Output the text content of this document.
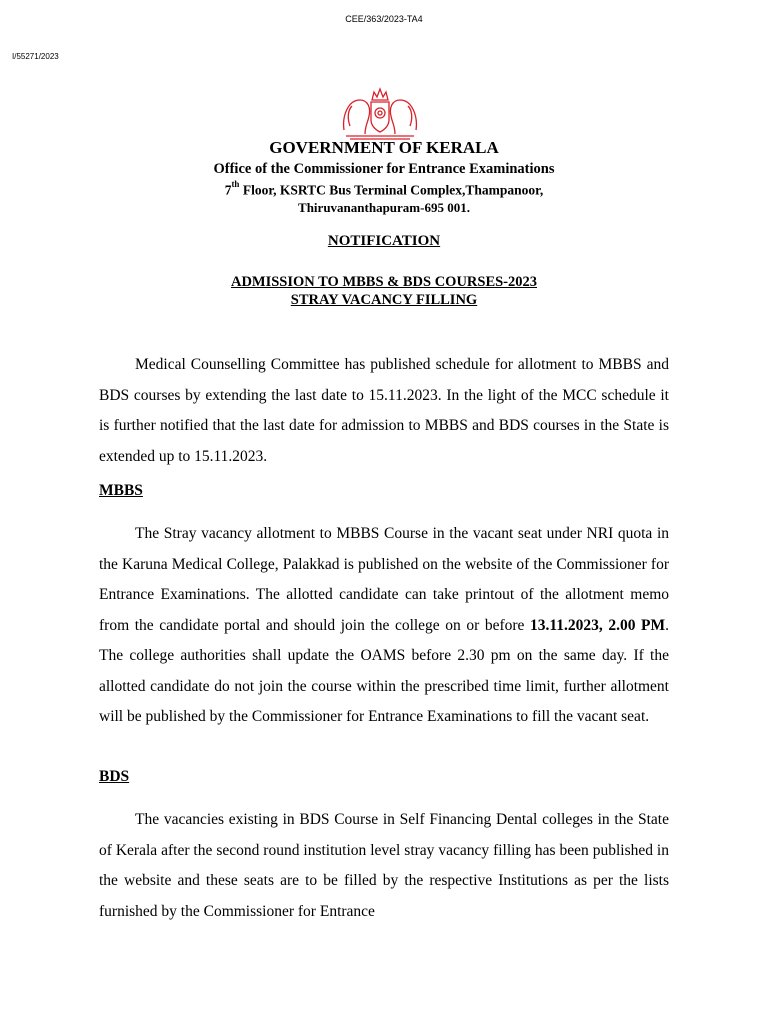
CEE/363/2023-TA4
I/55271/2023
GOVERNMENT OF KERALA
Office of the Commissioner for Entrance Examinations
7th Floor, KSRTC Bus Terminal Complex,Thampanoor,
Thiruvananthapuram-695 001.
NOTIFICATION
ADMISSION TO MBBS & BDS COURSES-2023
STRAY VACANCY FILLING

Medical Counselling Committee has published schedule for allotment to MBBS and BDS courses by extending the last date to 15.11.2023. In the light of the MCC schedule it is further notified that the last date for admission to MBBS and BDS courses in the State is extended up to 15.11.2023.

MBBS

The Stray vacancy allotment to MBBS Course in the vacant seat under NRI quota in the Karuna Medical College, Palakkad is published on the website of the Commissioner for Entrance Examinations. The allotted candidate can take printout of the allotment memo from the candidate portal and should join the college on or before 13.11.2023, 2.00 PM. The college authorities shall update the OAMS before 2.30 pm on the same day. If the allotted candidate do not join the course within the prescribed time limit, further allotment will be published by the Commissioner for Entrance Examinations to fill the vacant seat.

BDS

The vacancies existing in BDS Course in Self Financing Dental colleges in the State of Kerala after the second round institution level stray vacancy filling has been published in the website and these seats are to be filled by the respective Institutions as per the lists furnished by the Commissioner for Entrance
